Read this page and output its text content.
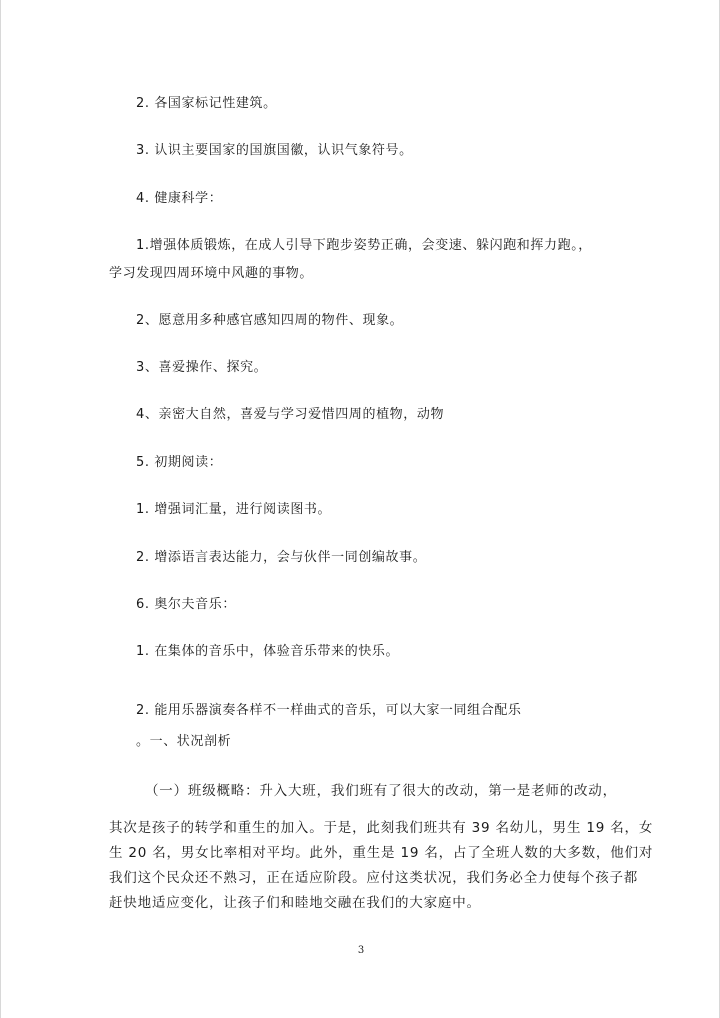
2. 各国家标记性建筑。
3. 认识主要国家的国旗国徽，认识气象符号。
4. 健康科学：
1.增强体质锻炼，在成人引导下跑步姿势正确，会变速、躲闪跑和挥力跑。，
学习发现四周环境中风趣的事物。
2、愿意用多种感官感知四周的物件、现象。
3、喜爱操作、探究。
4、亲密大自然，喜爱与学习爱惜四周的植物，动物
5. 初期阅读：
1. 增强词汇量，进行阅读图书。
2. 增添语言表达能力，会与伙伴一同创编故事。
6. 奥尔夫音乐：
1. 在集体的音乐中，体验音乐带来的快乐。
2. 能用乐器演奏各样不一样曲式的音乐，可以大家一同组合配乐
。一、状况剖析
（一）班级概略：升入大班，我们班有了很大的改动，第一是老师的改动，
其次是孩子的转学和重生的加入。于是，此刻我们班共有 39 名幼儿，男生 19 名，女
生 20 名，男女比率相对平均。此外，重生是 19 名，占了全班人数的大多数，他们对
我们这个民众还不熟习，正在适应阶段。应付这类状况，我们务必全力使每个孩子都
赶快地适应变化，让孩子们和睦地交融在我们的大家庭中。
3
